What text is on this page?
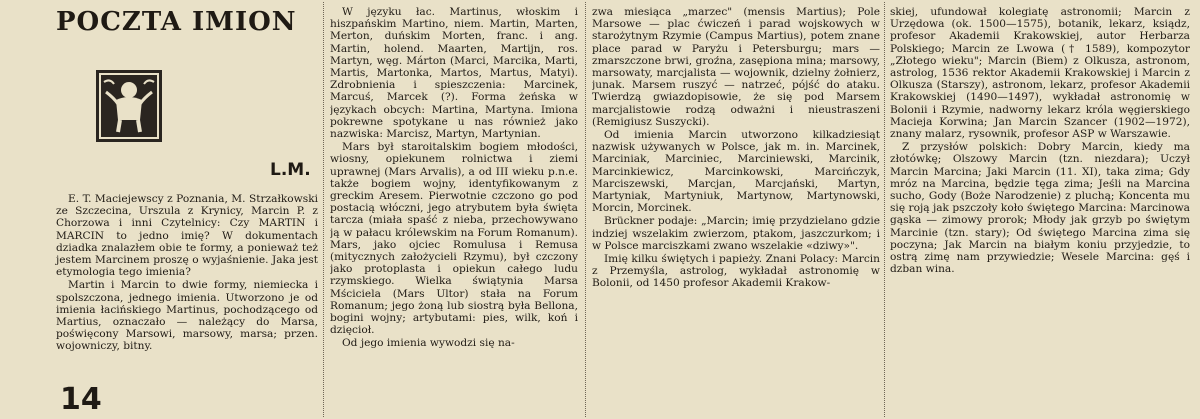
POCZTA IMION
L.M.

E. T. Maciejewscy z Poznania, M. Strzałkowski ze Szczecina, Urszula z Krynicy, Marcin P. z Chorzowa i inni Czytelnicy: Czy MARTIN i MARCIN to jedno imię? W dokumentach dziadka znalazłem obie te formy, a ponieważ też jestem Marcinem proszę o wyjaśnienie. Jaka jest etymologia tego imienia?

Martin i Marcin to dwie formy, niemiecka i spolszczona, jednego imienia. Utworzono je od imienia łacińskiego Martinus, pochodzącego od Martius, oznaczało — należący do Marsa, poświęcony Marsowi, marsowy, marsa; przen. wojowniczy, bitny.

14

W języku łac. Martinus, włoskim i hiszpańskim Martino, niem. Martin, Marten, Merton, duńskim Morten, franc. i ang. Martin, holend. Maarten, Martijn, ros. Martyn, węg. Márton (Marci, Marcika, Marti, Martis, Martonka, Martos, Martus, Matyi). Zdrobnienia i spieszczenia: Marcinek, Marcuś, Marcek (?). Forma żeńska w językach obcych: Martina, Martyna. Imiona pokrewne spotykane u nas również jako nazwiska: Marcisz, Martyn, Martynian.

Mars był staroitalskim bogiem młodości, wiosny, opiekunem rolnictwa i ziemi uprawnej (Mars Arvalis), a od III wieku p.n.e. także bogiem wojny, identyfikowanym z greckim Aresem. Pierwotnie czczono go pod postacią włóczni, jego atrybutem była święta tarcza (miała spaść z nieba, przechowywano ją w pałacu królewskim na Forum Romanum). Mars, jako ojciec Romulusa i Remusa (mitycznych założycieli Rzymu), był czczony jako protoplasta i opiekun całego ludu rzymskiego. Wielka świątynia Marsa Mściciela (Mars Ultor) stała na Forum Romanum; jego żoną lub siostrą była Bellona, bogini wojny; artybutami: pies, wilk, koń i dzięcioł.

Od jego imienia wywodzi się na-

zwa miesiąca „marzec" (mensis Martius); Pole Marsowe — plac ćwiczeń i parad wojskowych w starożytnym Rzymie (Campus Martius), potem znane place parad w Paryżu i Petersburgu; mars — zmarszczone brwi, groźna, zasępiona mina; marsowy, marsowaty, marcjalista — wojownik, dzielny żołnierz, junak. Marsem ruszyć — natrzeć, pójść do ataku. Twierdzą gwiazdopisowie, że się pod Marsem marcjalistowie rodzą odważni i nieustraszeni (Remigiusz Suszycki).

Od imienia Marcin utworzono kilkadziesiąt nazwisk używanych w Polsce, jak m. in. Marcinek, Marciniak, Marciniec, Marciniewski, Marcinik, Marcinkiewicz, Marcinkowski, Marcińczyk, Marciszewski, Marcjan, Marcjański, Martyn, Martyniak, Martyniuk, Martynow, Martynowski, Morcin, Morcinek.

Brückner podaje: „Marcin; imię przydzielano gdzie indziej wszelakim zwierzom, ptakom, jaszczurkom; i w Polsce marciszkami zwano wszelakie «dziwy»".

Imię kilku świętych i papieży. Znani Polacy: Marcin z Przemyśla, astrolog, wykładał astronomię w Bolonii, od 1450 profesor Akademii Krakow-

skiej, ufundował kolegiatę astronomii; Marcin z Urzędowa (ok. 1500—1575), botanik, lekarz, ksiądz, profesor Akademii Krakowskiej, autor Herbarza Polskiego; Marcin ze Lwowa († 1589), kompozytor „Złotego wieku"; Marcin (Biem) z Olkusza, astronom, astrolog, 1536 rektor Akademii Krakowskiej i Marcin z Olkusza (Starszy), astronom, lekarz, profesor Akademii Krakowskiej (1490—1497), wykładał astronomię w Bolonii i Rzymie, nadworny lekarz króla węgierskiego Macieja Korwina; Jan Marcin Szancer (1902—1972), znany malarz, rysownik, profesor ASP w Warszawie.

Z przysłów polskich: Dobry Marcin, kiedy ma złotówkę; Olszowy Marcin (tzn. niezdara); Uczył Marcin Marcina; Jaki Marcin (11. XI), taka zima; Gdy mróz na Marcina, będzie tęga zima; Jeśli na Marcina sucho, Gody (Boże Narodzenie) z pluchą; Koncenta mu się roją jak pszczoły koło świętego Marcina: Marcinowa gąska — zimowy prorok; Młody jak grzyb po świętym Marcinie (tzn. stary); Od świętego Marcina zima się poczyna; Jak Marcin na białym koniu przyjedzie, to ostrą zimę nam przywiedzie; Wesele Marcina: gęś i dzban wina.
